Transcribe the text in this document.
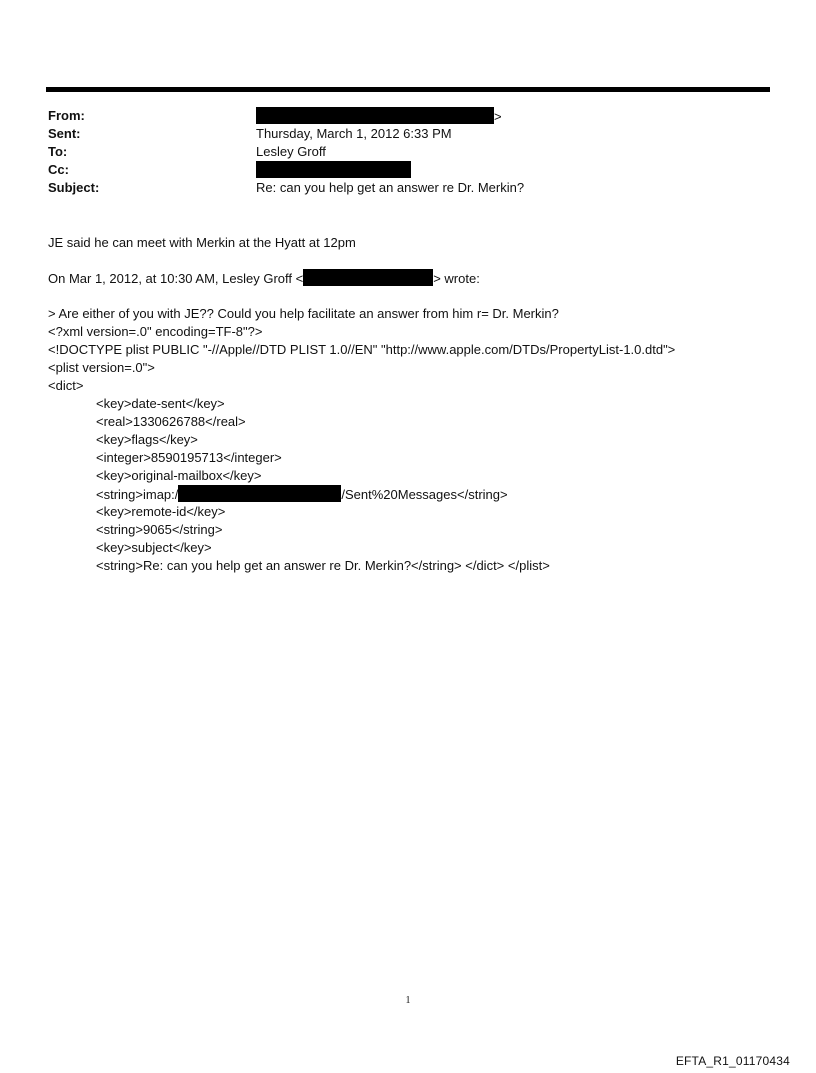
From:	>
Sent:	Thursday, March 1, 2012 6:33 PM
To:	Lesley Groff
Cc:
Subject:	Re: can you help get an answer re Dr. Merkin?
JE said he can meet with Merkin at the Hyatt at 12pm
On Mar 1, 2012, at 10:30 AM, Lesley Groff <	> wrote:
> Are either of you with JE?? Could you help facilitate an answer from him r= Dr. Merkin?
<?xml version=.0" encoding=TF-8"?>
<!DOCTYPE plist PUBLIC "-//Apple//DTD PLIST 1.0//EN" "http://www.apple.com/DTDs/PropertyList-1.0.dtd">
<plist version=.0">
<dict>
<key>date-sent</key>
<real>1330626788</real>
<key>flags</key>
<integer>8590195713</integer>
<key>original-mailbox</key>
<string>imap:/	/Sent%20Messages</string>
<key>remote-id</key>
<string>9065</string>
<key>subject</key>
<string>Re: can you help get an answer re Dr. Merkin?</string> </dict> </plist>
1
EFTA_R1_01170434
